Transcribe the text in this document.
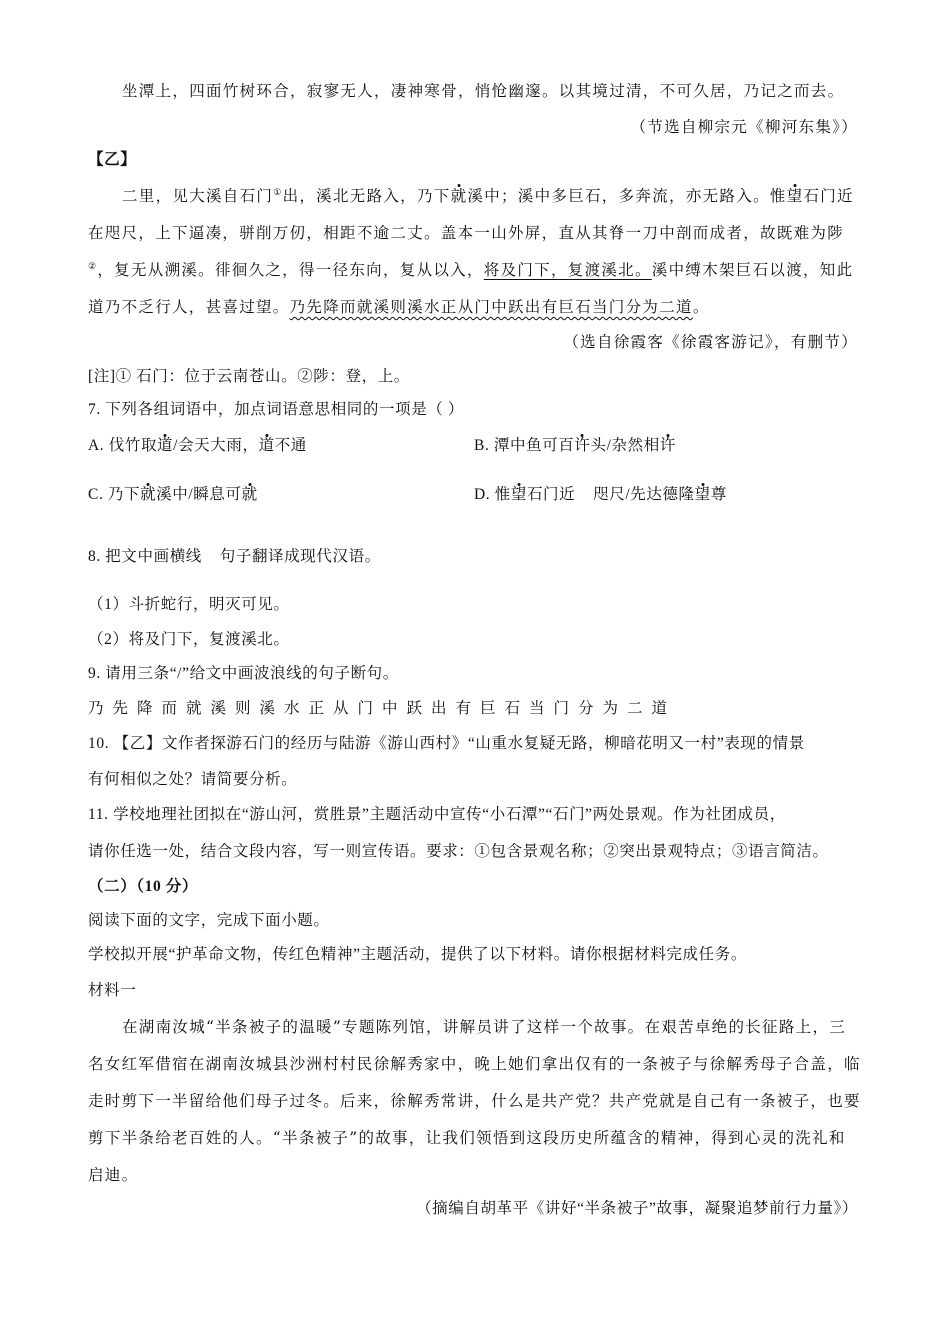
坐潭上，四面竹树环合，寂寥无人，凄神寒骨，悄怆幽邃。以其境过清，不可久居，乃记之而去。
（节选自柳宗元《柳河东集》）
【乙】
二里，见大溪自石门①出，溪北无路入，乃下就溪中；溪中多巨石，多奔流，亦无路入。惟望石门近
在咫尺，上下逼凑，骈削万仞，相距不逾二丈。盖本一山外屏，直从其脊一刀中剖而成者，故既难为陟
②，复无从溯溪。徘徊久之，得一径东向，复从以入，将及门下，复渡溪北。溪中缚木架巨石以渡，知此
道乃不乏行人，甚喜过望。乃先降而就溪则溪水正从门中跃出有巨石当门分为二道。
（选自徐霞客《徐霞客游记》，有删节）
[注]① 石门：位于云南苍山。②陟：登，上。
7. 下列各组词语中，加点词语意思相同的一项是（ ）
A. 伐竹取道/会天大雨，道不通	B. 潭中鱼可百许头/杂然相许
C. 乃下就溪中/瞬息可就	D. 惟望石门近    咫尺/先达德隆望尊
8. 把文中画横线    句子翻译成现代汉语。
（1）斗折蛇行，明灭可见。
（2）将及门下，复渡溪北。
9. 请用三条“/”给文中画波浪线的句子断句。
乃先降而就溪则溪水正从门中跃出有巨石当门分为二道
10. 【乙】文作者探游石门的经历与陆游《游山西村》“山重水复疑无路，柳暗花明又一村”表现的情景
有何相似之处？请简要分析。
11. 学校地理社团拟在“游山河，赏胜景”主题活动中宣传“小石潭”“石门”两处景观。作为社团成员，
请你任选一处，结合文段内容，写一则宣传语。要求：①包含景观名称；②突出景观特点；③语言简洁。
（二）（10 分）
阅读下面的文字，完成下面小题。
学校拟开展“护革命文物，传红色精神”主题活动，提供了以下材料。请你根据材料完成任务。
材料一
在湖南汝城“半条被子的温暖”专题陈列馆，讲解员讲了这样一个故事。在艰苦卓绝的长征路上，三
名女红军借宿在湖南汝城县沙洲村村民徐解秀家中，晚上她们拿出仅有的一条被子与徐解秀母子合盖，临
走时剪下一半留给他们母子过冬。后来，徐解秀常讲，什么是共产党？共产党就是自己有一条被子，也要
剪下半条给老百姓的人。“半条被子”的故事，让我们领悟到这段历史所蕴含的精神，得到心灵的洗礼和
启迪。
（摘编自胡革平《讲好“半条被子”故事，凝聚追梦前行力量》）
